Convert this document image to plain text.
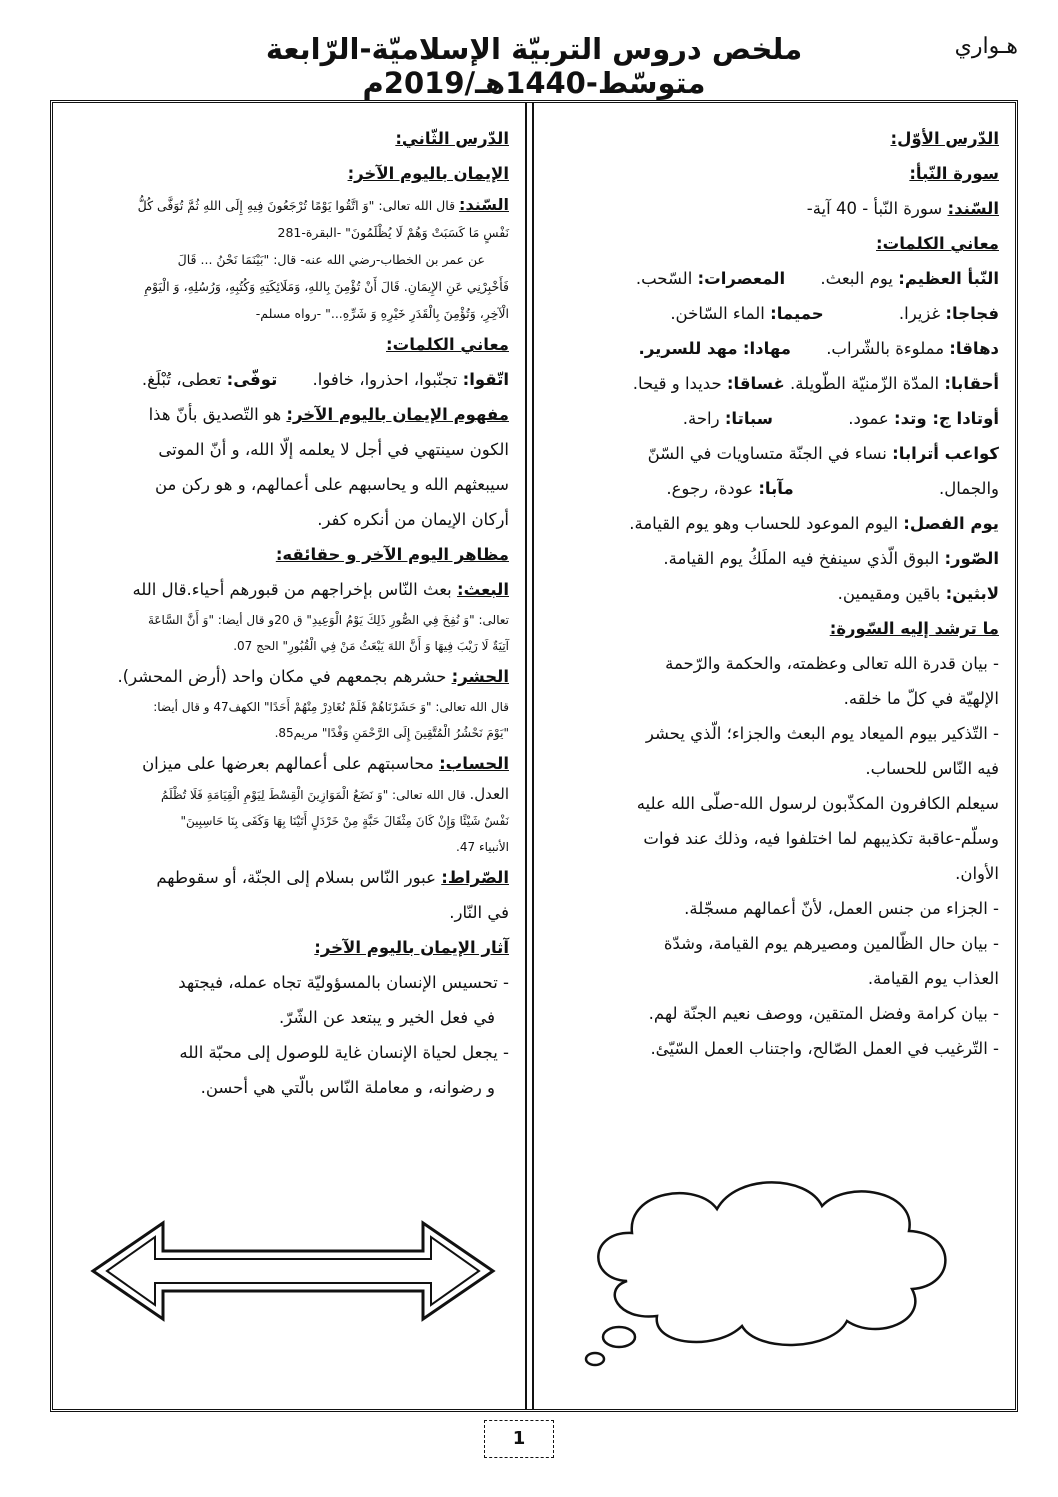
هـواري
ملخص دروس التربيّة الإسلاميّة-الرّابعة متوسّط-1440هـ/2019م
الدّرس الأوّل:
سورة النّبأ:
السّند: سورة النّبأ - 40 آية-
معاني الكلمات:
النّبأ العظيم: يوم البعث. المعصرات: السّحب.
فجاجا: غزيرا. حميما: الماء السّاخن.
دهاقا: مملوءة بالشّراب. مهادا: مهد للسرير.
أحقابا: المدّة الزّمنيّة الطّويلة. غساقا: حديدا و قيحا.
أوتادا ج: وتد: عمود. سباتا: راحة.
كواعب أترابا: نساء في الجنّة متساويات في السّنّ
والجمال. مآبا: عودة، رجوع.
يوم الفصل: اليوم الموعود للحساب وهو يوم القيامة.
الصّور: البوق الّذي سينفخ فيه الملَكُ يوم القيامة.
لابثين: باقين ومقيمين.
ما ترشد إليه السّورة:
- بيان قدرة الله تعالى وعظمته، والحكمة والرّحمة
الإلهيّة في كلّ ما خلقه.
- التّذكير بيوم الميعاد يوم البعث والجزاء؛ الّذي يحشر
فيه النّاس للحساب.
سيعلم الكافرون المكذّبون لرسول الله-صلّى الله عليه
وسلّم-عاقبة تكذيبهم لما اختلفوا فيه، وذلك عند فوات
الأوان.
- الجزاء من جنس العمل، لأنّ أعمالهم مسجّلة.
- بيان حال الظّالمين ومصيرهم يوم القيامة، وشدّة
العذاب يوم القيامة.
- بيان كرامة وفضل المتقين، ووصف نعيم الجنّة لهم.
- التّرغيب في العمل الصّالح، واجتناب العمل السّيّئ.
الدّرس الثّاني:
الإيمان باليوم الآخر:
السّند: قال الله تعالى: "وَ اتَّقُوا يَوْمًا تُرْجَعُونَ فِيهِ إِلَى اللهِ ثُمَّ تُوَفَّى كُلُّ
نَفْسٍ مَا كَسَبَتْ وَهُمْ لَا يُظْلَمُونَ" -البقرة-281
عن عمر بن الخطاب-رضي الله عنه- قال: "بَيْنَمَا نَحْنُ ... قَالَ
فَأَخْبِرْنِي عَنِ الإِيمَانِ. قَالَ أَنْ تُؤْمِنَ بِاللهِ، وَمَلَائِكَتِهِ وَكُتُبِهِ، وَرُسُلِهِ، وَ الْيَوْمِ
الْآخِرِ، وَتُؤْمِنَ بِالْقَدَرِ خَيْرِهِ وَ شَرِّهِ..." -رواه مسلم-
معاني الكلمات:
اتّقوا: تجنّبوا، احذروا، خافوا. توفّى: تعطى، تُبْلَغ.
مفهوم الإيمان باليوم الآخر: هو التّصديق بأنّ هذا
الكون سينتهي في أجل لا يعلمه إلّا الله، و أنّ الموتى
سيبعثهم الله و يحاسبهم على أعمالهم، و هو ركن من
أركان الإيمان من أنكره كفر.
مظاهر اليوم الآخر و حقائقه:
البعث: بعث النّاس بإخراجهم من قبورهم أحياء.قال الله
تعالى: "وَ نُفِخَ فِي الصُّورِ ذَلِكَ يَوْمُ الْوَعِيدِ" ق 20و قال أيضا: "وَ أَنَّ السَّاعَةَ
آتِيَةٌ لَا رَيْبَ فِيهَا وَ أَنَّ اللهَ يَبْعَثُ مَنْ فِي الْقُبُورِ" الحج 07.
الحشر: حشرهم بجمعهم في مكان واحد (أرض المحشر).
قال الله تعالى: "وَ حَشَرْنَاهُمْ فَلَمْ نُغَادِرْ مِنْهُمْ أَحَدًا" الكهف47 و قال أيضا:
"يَوْمَ نَحْشُرُ الْمُتَّقِينَ إِلَى الرَّحْمَنِ وَفْدًا" مريم85.
الحساب: محاسبتهم على أعمالهم بعرضها على ميزان
العدل. قال الله تعالى: "وَ نَضَعُ الْمَوَازِينَ الْقِسْطَ لِيَوْمِ الْقِيَامَةِ فَلَا تُظْلَمُ
نَفْسٌ شَيْئًا وَإِنْ كَانَ مِثْقَالَ حَبَّةٍ مِنْ خَرْدَلٍ أَتَيْنَا بِهَا وَكَفَى بِنَا حَاسِبِينَ"
الأنبياء 47.
الصّراط: عبور النّاس بسلام إلى الجنّة، أو سقوطهم
في النّار.
آثار الإيمان باليوم الآخر:
- تحسيس الإنسان بالمسؤوليّة تجاه عمله، فيجتهد
في فعل الخير و يبتعد عن الشّرّ.
- يجعل لحياة الإنسان غاية للوصول إلى محبّة الله
و رضوانه، و معاملة النّاس بالّتي هي أحسن.
1
